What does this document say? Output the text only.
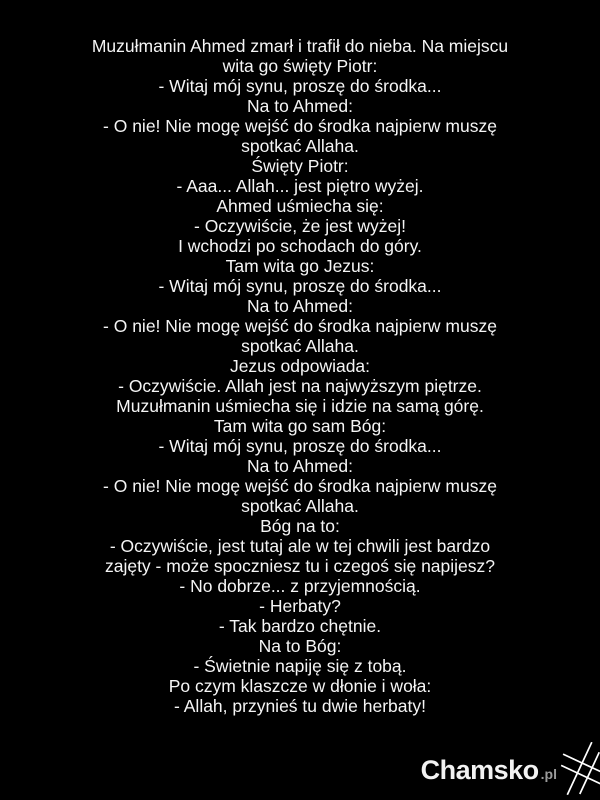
Muzułmanin Ahmed zmarł i trafił do nieba. Na miejscu
wita go święty Piotr:
- Witaj mój synu, proszę do środka...
Na to Ahmed:
- O nie! Nie mogę wejść do środka najpierw muszę
spotkać Allaha.
Święty Piotr:
- Aaa... Allah... jest piętro wyżej.
Ahmed uśmiecha się:
- Oczywiście, że jest wyżej!
I wchodzi po schodach do góry.
Tam wita go Jezus:
- Witaj mój synu, proszę do środka...
Na to Ahmed:
- O nie! Nie mogę wejść do środka najpierw muszę
spotkać Allaha.
Jezus odpowiada:
- Oczywiście. Allah jest na najwyższym piętrze.
Muzułmanin uśmiecha się i idzie na samą górę.
Tam wita go sam Bóg:
- Witaj mój synu, proszę do środka...
Na to Ahmed:
- O nie! Nie mogę wejść do środka najpierw muszę
spotkać Allaha.
Bóg na to:
- Oczywiście, jest tutaj ale w tej chwili jest bardzo
zajęty - może spoczniesz tu i czegoś się napijesz?
- No dobrze... z przyjemnością.
- Herbaty?
- Tak bardzo chętnie.
Na to Bóg:
- Świetnie napiję się z tobą.
Po czym klaszcze w dłonie i woła:
- Allah, przynieś tu dwie herbaty!
Chamsko .pl
